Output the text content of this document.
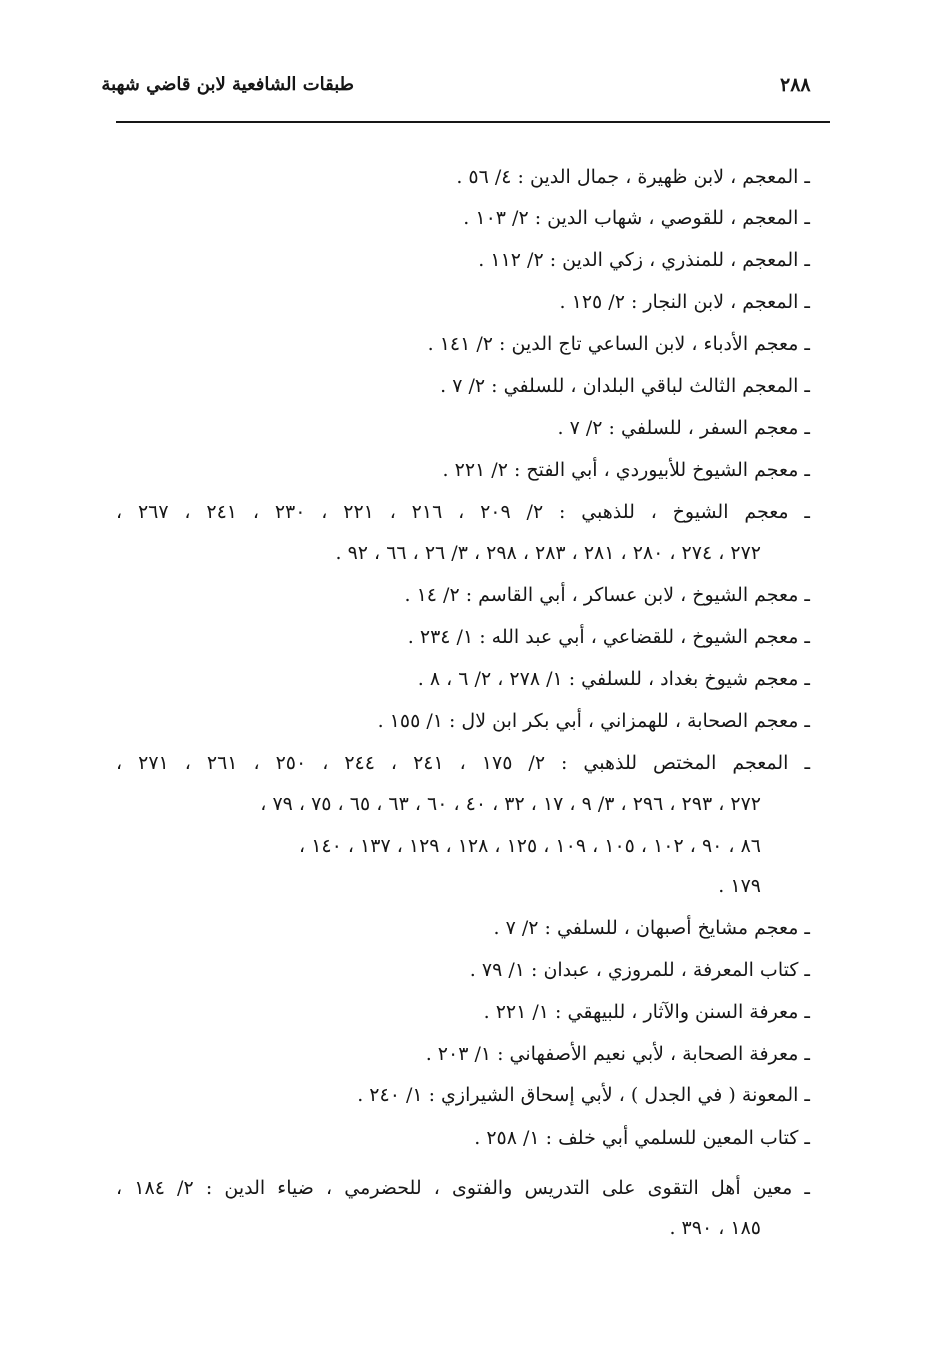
طبقات الشافعية لابن قاضي شهبة	٢٨٨
ـ المعجم ، لابن ظهيرة ، جمال الدين : ٤/ ٥٦ .
ـ المعجم ، للقوصي ، شهاب الدين : ٢/ ١٠٣ .
ـ المعجم ، للمنذري ، زكي الدين : ٢/ ١١٢ .
ـ المعجم ، لابن النجار : ٢/ ١٢٥ .
ـ معجم الأدباء ، لابن الساعي تاج الدين : ٢/ ١٤١ .
ـ المعجم الثالث لباقي البلدان ، للسلفي : ٢/ ٧ .
ـ معجم السفر ، للسلفي : ٢/ ٧ .
ـ معجم الشيوخ للأبيوردي ، أبي الفتح : ٢/ ٢٢١ .
ـ معجم الشيوخ ، للذهبي : ٢/ ٢٠٩ ، ٢١٦ ، ٢٢١ ، ٢٣٠ ، ٢٤١ ، ٢٦٧ ،
٢٧٢ ، ٢٧٤ ، ٢٨٠ ، ٢٨١ ، ٢٨٣ ، ٢٩٨ ، ٣/ ٢٦ ، ٦٦ ، ٩٢ .
ـ معجم الشيوخ ، لابن عساكر ، أبي القاسم : ٢/ ١٤ .
ـ معجم الشيوخ ، للقضاعي ، أبي عبد الله : ١/ ٢٣٤ .
ـ معجم شيوخ بغداد ، للسلفي : ١/ ٢٧٨ ، ٢/ ٦ ، ٨ .
ـ معجم الصحابة ، للهمزاني ، أبي بكر ابن لال : ١/ ١٥٥ .
ـ المعجم المختص للذهبي : ٢/ ١٧٥ ، ٢٤١ ، ٢٤٤ ، ٢٥٠ ، ٢٦١ ، ٢٧١ ،
٢٧٢ ، ٢٩٣ ، ٢٩٦ ، ٣/ ٩ ، ١٧ ، ٣٢ ، ٤٠ ، ٦٠ ، ٦٣ ، ٦٥ ، ٧٥ ، ٧٩ ،
٨٦ ، ٩٠ ، ١٠٢ ، ١٠٥ ، ١٠٩ ، ١٢٥ ، ١٢٨ ، ١٢٩ ، ١٣٧ ، ١٤٠ ،
١٧٩ .
ـ معجم مشايخ أصبهان ، للسلفي : ٢/ ٧ .
ـ كتاب المعرفة ، للمروزي ، عبدان : ١/ ٧٩ .
ـ معرفة السنن والآثار ، للبيهقي : ١/ ٢٢١ .
ـ معرفة الصحابة ، لأبي نعيم الأصفهاني : ١/ ٢٠٣ .
ـ المعونة ( في الجدل ) ، لأبي إسحاق الشيرازي : ١/ ٢٤٠ .
ـ كتاب المعين للسلمي أبي خلف : ١/ ٢٥٨ .
ـ معين أهل التقوى على التدريس والفتوى ، للحضرمي ، ضياء الدين : ٢/ ١٨٤ ،
١٨٥ ، ٣٩٠ .
